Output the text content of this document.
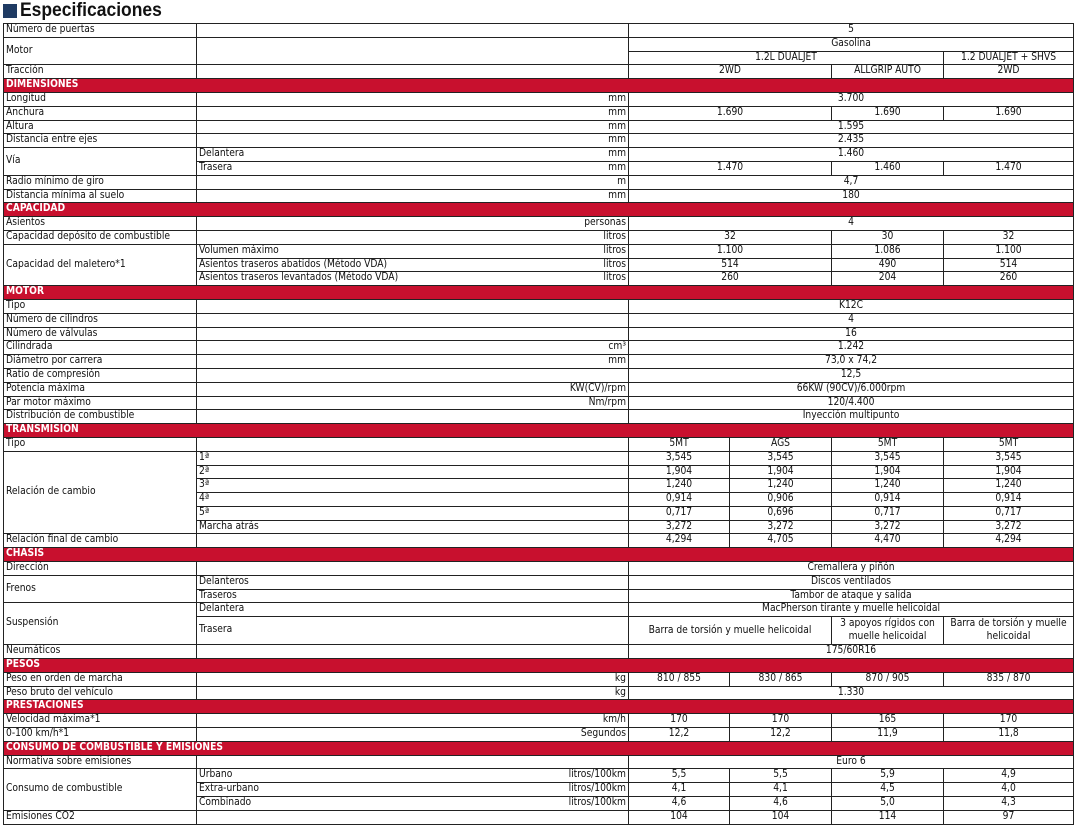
Especificaciones
Número de puertas		5			
Motor		Gasolina			
		1.2L DUALJET			1.2 DUALJET + SHVS
Tracción		2WD		ALLGRIP AUTO	2WD
DIMENSIONES					
Longitud	mm	3.700			
Anchura	mm	1.690		1.690	1.690
Altura	mm	1.595			
Distancia entre ejes	mm	2.435			
Vía	Delantera mm	1.460			

	Trasera mm	1.470		1.460	1.470
Radio mínimo de giro	m	4,7			
Distancia mínima al suelo	mm	180			
CAPACIDAD					
Asientos	personas	4			
Capacidad depósito de combustible	litros	32		30	32
Capacidad del maletero*1	Volumen máximo litros	1.100		1.086	1.100

	Asientos traseros abatidos (Método VDA) litros	514		490	514

	Asientos traseros levantados (Método VDA) litros	260		204	260
MOTOR					
Tipo		K12C			
Número de cilindros		4			
Número de válvulas		16			
Cilindrada	cm³	1.242			
Diámetro por carrera	mm	73,0 x 74,2			
Ratio de compresión		12,5			
Potencia máxima	KW(CV)/rpm	66KW (90CV)/6.000rpm			
Par motor máximo	Nm/rpm	120/4.400			
Distribución de combustible		Inyección multipunto			
TRANSMISIÓN					
Tipo		5MT	AGS	5MT	5MT
Relación de cambio	1ª	3,545	3,545	3,545	3,545
	2ª	1,904	1,904	1,904	1,904
	3ª	1,240	1,240	1,240	1,240
	4ª	0,914	0,906	0,914	0,914
	5ª	0,717	0,696	0,717	0,717
	Marcha atrás	3,272	3,272	3,272	3,272
Relación final de cambio		4,294	4,705	4,470	4,294
CHASIS					
Dirección		Cremallera y piñón			
Frenos	Delanteros	Discos ventilados			
	Traseros	Tambor de ataque y salida			
Suspensión	Delantera	MacPherson tirante y muelle helicoidal			
	Trasera	Barra de torsión y muelle helicoidal		3 apoyos rígidos con muelle helicoidal	Barra de torsión y muelle helicoidal
Neumáticos		175/60R16			
PESOS					
Peso en orden de marcha	kg	810 / 855	830 / 865	870 / 905	835 / 870
Peso bruto del vehículo	kg	1.330			
PRESTACIONES					
Velocidad máxima*1	km/h	170	170	165	170
0-100 km/h*1	Segundos	12,2	12,2	11,9	11,8
CONSUMO DE COMBUSTIBLE Y EMISIONES					
Normativa sobre emisiones		Euro 6			
Consumo de combustible	Urbano litros/100km	5,5	5,5	5,9	4,9

	Extra-urbano litros/100km	4,1	4,1	4,5	4,0

	Combinado litros/100km	4,6	4,6	5,0	4,3
Emisiones CO2		104	104	114	97
